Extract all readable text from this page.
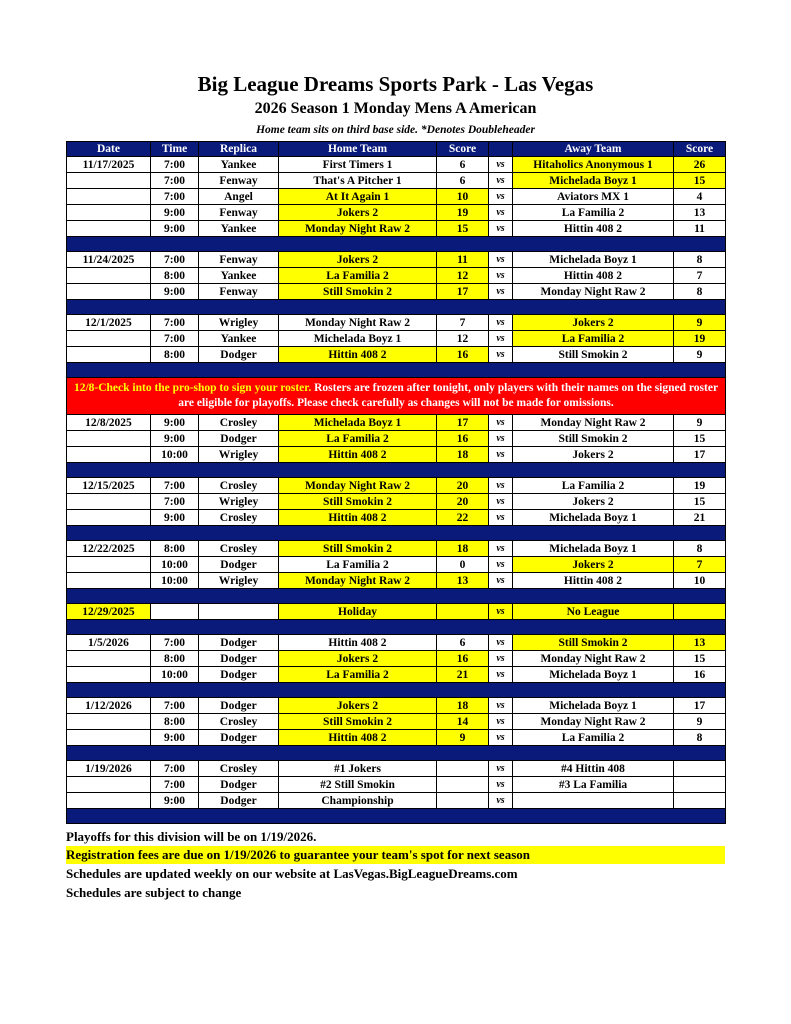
Big League Dreams Sports Park - Las Vegas
2026 Season 1 Monday Mens A American
Home team sits on third base side. *Denotes Doubleheader
Date	Time	Replica	Home Team	Score		Away Team	Score
11/17/2025	7:00	Yankee	First Timers 1	6	vs	Hitaholics Anonymous 1	26
	7:00	Fenway	That's A Pitcher 1	6	vs	Michelada Boyz 1	15
	7:00	Angel	At It Again 1	10	vs	Aviators MX 1	4
	9:00	Fenway	Jokers 2	19	vs	La Familia 2	13
	9:00	Yankee	Monday Night Raw 2	15	vs	Hittin 408 2	11

11/24/2025	7:00	Fenway	Jokers 2	11	vs	Michelada Boyz 1	8
	8:00	Yankee	La Familia 2	12	vs	Hittin 408 2	7
	9:00	Fenway	Still Smokin 2	17	vs	Monday Night Raw 2	8

12/1/2025	7:00	Wrigley	Monday Night Raw 2	7	vs	Jokers 2	9
	7:00	Yankee	Michelada Boyz 1	12	vs	La Familia 2	19
	8:00	Dodger	Hittin 408 2	16	vs	Still Smokin 2	9

12/8-Check into the pro-shop to sign your roster. Rosters are frozen after tonight, only players with their names on the signed roster are eligible for playoffs. Please check carefully as changes will not be made for omissions.							
12/8/2025	9:00	Crosley	Michelada Boyz 1	17	vs	Monday Night Raw 2	9
	9:00	Dodger	La Familia 2	16	vs	Still Smokin 2	15
	10:00	Wrigley	Hittin 408 2	18	vs	Jokers 2	17

12/15/2025	7:00	Crosley	Monday Night Raw 2	20	vs	La Familia 2	19
	7:00	Wrigley	Still Smokin 2	20	vs	Jokers 2	15
	9:00	Crosley	Hittin 408 2	22	vs	Michelada Boyz 1	21

12/22/2025	8:00	Crosley	Still Smokin 2	18	vs	Michelada Boyz 1	8
	10:00	Dodger	La Familia 2	0	vs	Jokers 2	7
	10:00	Wrigley	Monday Night Raw 2	13	vs	Hittin 408 2	10

12/29/2025			Holiday		vs	No League	

1/5/2026	7:00	Dodger	Hittin 408 2	6	vs	Still Smokin 2	13
	8:00	Dodger	Jokers 2	16	vs	Monday Night Raw 2	15
	10:00	Dodger	La Familia 2	21	vs	Michelada Boyz 1	16

1/12/2026	7:00	Dodger	Jokers 2	18	vs	Michelada Boyz 1	17
	8:00	Crosley	Still Smokin 2	14	vs	Monday Night Raw 2	9
	9:00	Dodger	Hittin 408 2	9	vs	La Familia 2	8

1/19/2026	7:00	Crosley	#1 Jokers		vs	#4 Hittin 408	
	7:00	Dodger	#2 Still Smokin		vs	#3 La Familia	
	9:00	Dodger	Championship		vs		

Playoffs for this division will be on 1/19/2026.
Registration fees are due on 1/19/2026 to guarantee your team's spot for next season
Schedules are updated weekly on our website at LasVegas.BigLeagueDreams.com
Schedules are subject to change
